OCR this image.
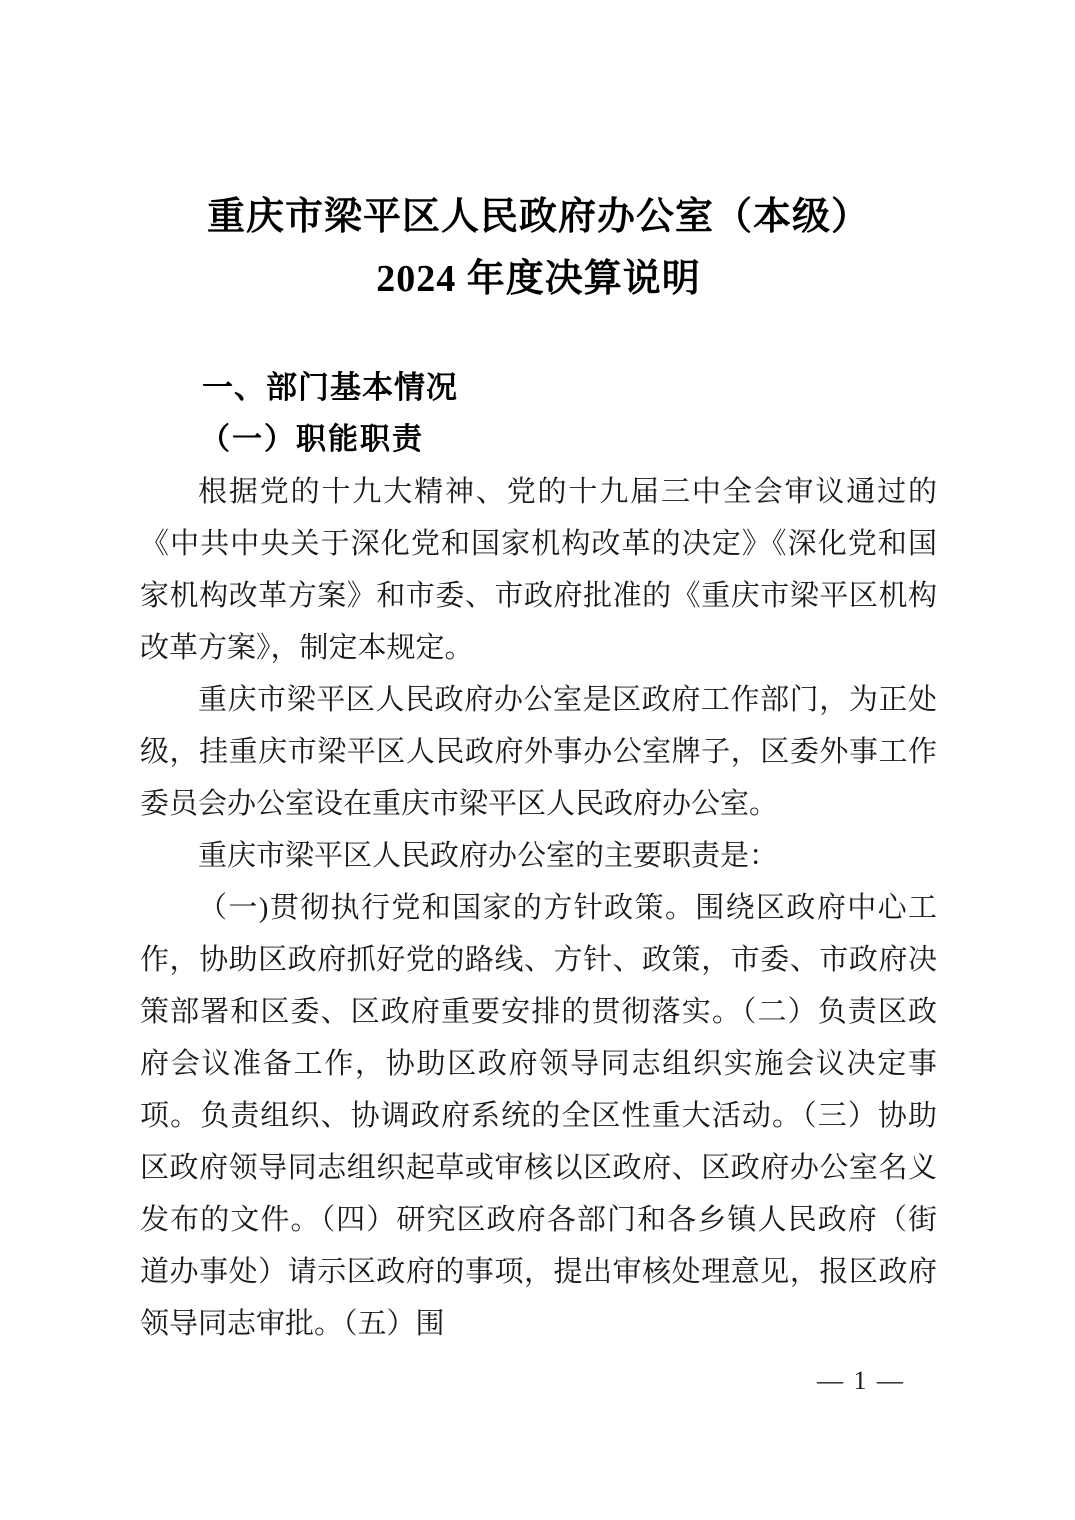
重庆市梁平区人民政府办公室（本级）
2024 年度决算说明
一、部门基本情况
（一）职能职责

根据党的十九大精神、党的十九届三中全会审议通过的《中共中央关于深化党和国家机构改革的决定》《深化党和国家机构改革方案》和市委、市政府批准的《重庆市梁平区机构改革方案》，制定本规定。

重庆市梁平区人民政府办公室是区政府工作部门，为正处级，挂重庆市梁平区人民政府外事办公室牌子，区委外事工作委员会办公室设在重庆市梁平区人民政府办公室。

重庆市梁平区人民政府办公室的主要职责是：

（一)贯彻执行党和国家的方针政策。围绕区政府中心工作，协助区政府抓好党的路线、方针、政策，市委、市政府决策部署和区委、区政府重要安排的贯彻落实。（二）负责区政府会议准备工作，协助区政府领导同志组织实施会议决定事项。负责组织、协调政府系统的全区性重大活动。（三）协助区政府领导同志组织起草或审核以区政府、区政府办公室名义发布的文件。（四）研究区政府各部门和各乡镇人民政府（街道办事处）请示区政府的事项，提出审核处理意见，报区政府领导同志审批。（五）围

— 1 —
